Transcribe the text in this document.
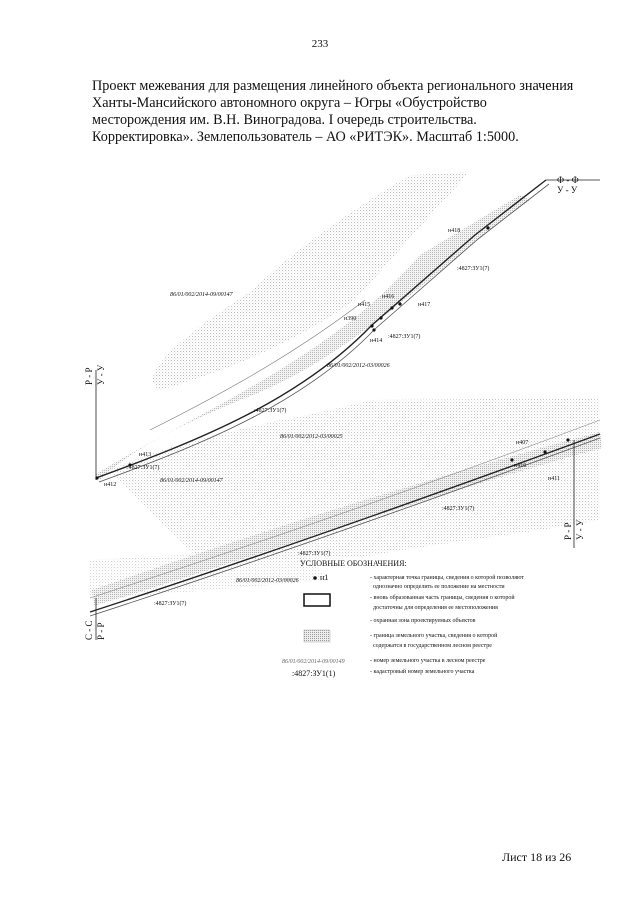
233
Проект межевания для размещения линейного объекта регионального значения
Ханты-Мансийского автономного округа – Югры «Обустройство
месторождения им. В.Н. Виноградова. I очередь строительства.
Корректировка». Землепользователь – АО «РИТЭК». Масштаб 1:5000.
Ф - Ф
У - У
Р - Р У - У
Р - Р У - У
С - С Р - Р
н418
н416
н415	н417
н390
н414
н413
н412
н407
н410
н411
:4827:ЗУ1(7)
:4827:ЗУ1(7)
:4827:ЗУ1(7)
:4827:ЗУ1(7)
:4827:ЗУ1(7)
:4827:ЗУ1(7)
:4827:ЗУ1(7)
86/01/002/2014-09/00147
86/01/002/2012-03/00026
86/01/002/2012-03/00025
86/01/002/2014-09/00147
86/01/002/2012-03/00026
УСЛОВНЫЕ ОБОЗНАЧЕНИЯ:
н1
86/01/002/2014-09/00149
:4827:ЗУ1(1)
- характерная точка границы, сведения о которой позволяют
однозначно определить ее положение на местности
- вновь образованная часть границы, сведения о которой
достаточны для определения ее местоположения
- охранная зона проектируемых объектов
- граница земельного участка, сведения о которой
содержатся в государственном лесном реестре
- номер земельного участка в лесном реестре
- кадастровый номер земельного участка
Лист 18 из 26
